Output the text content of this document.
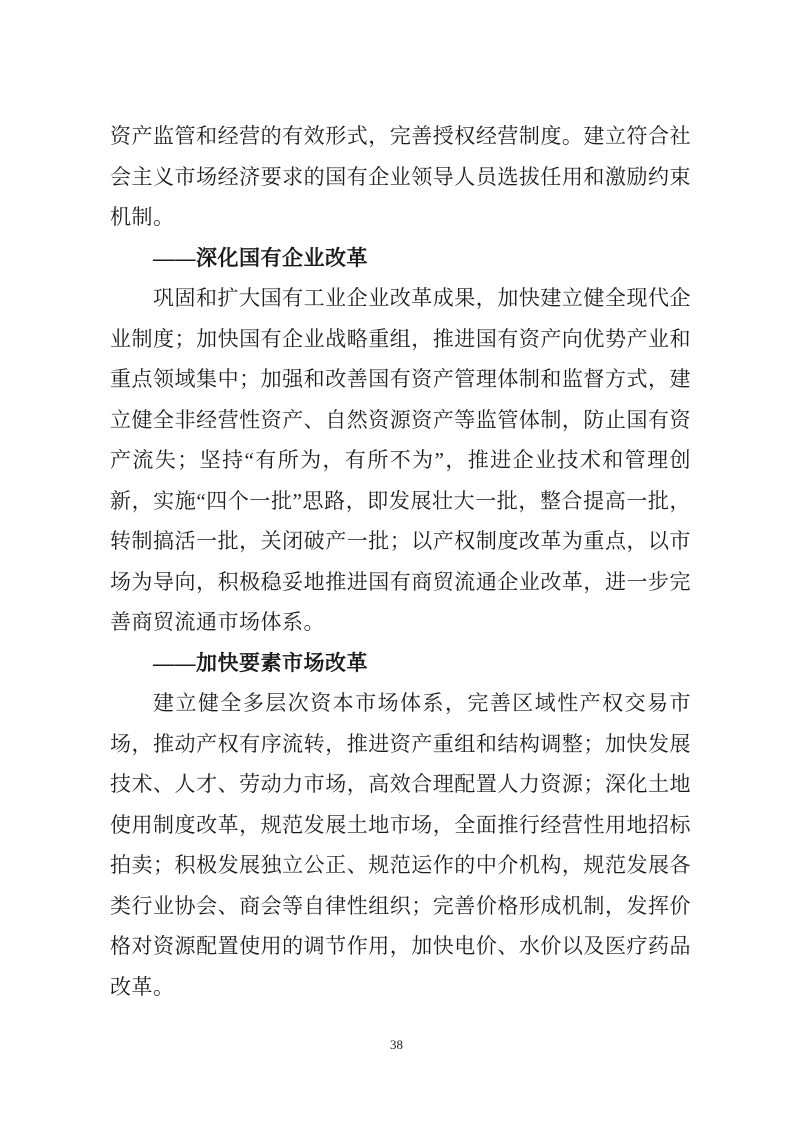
资产监管和经营的有效形式，完善授权经营制度。建立符合社会主义市场经济要求的国有企业领导人员选拔任用和激励约束机制。

——深化国有企业改革

巩固和扩大国有工业企业改革成果，加快建立健全现代企业制度；加快国有企业战略重组，推进国有资产向优势产业和重点领域集中；加强和改善国有资产管理体制和监督方式，建立健全非经营性资产、自然资源资产等监管体制，防止国有资产流失；坚持“有所为，有所不为”，推进企业技术和管理创新，实施“四个一批”思路，即发展壮大一批，整合提高一批，转制搞活一批，关闭破产一批；以产权制度改革为重点，以市场为导向，积极稳妥地推进国有商贸流通企业改革，进一步完善商贸流通市场体系。

——加快要素市场改革

建立健全多层次资本市场体系，完善区域性产权交易市场，推动产权有序流转，推进资产重组和结构调整；加快发展技术、人才、劳动力市场，高效合理配置人力资源；深化土地使用制度改革，规范发展土地市场，全面推行经营性用地招标拍卖；积极发展独立公正、规范运作的中介机构，规范发展各类行业协会、商会等自律性组织；完善价格形成机制，发挥价格对资源配置使用的调节作用，加快电价、水价以及医疗药品改革。

38
